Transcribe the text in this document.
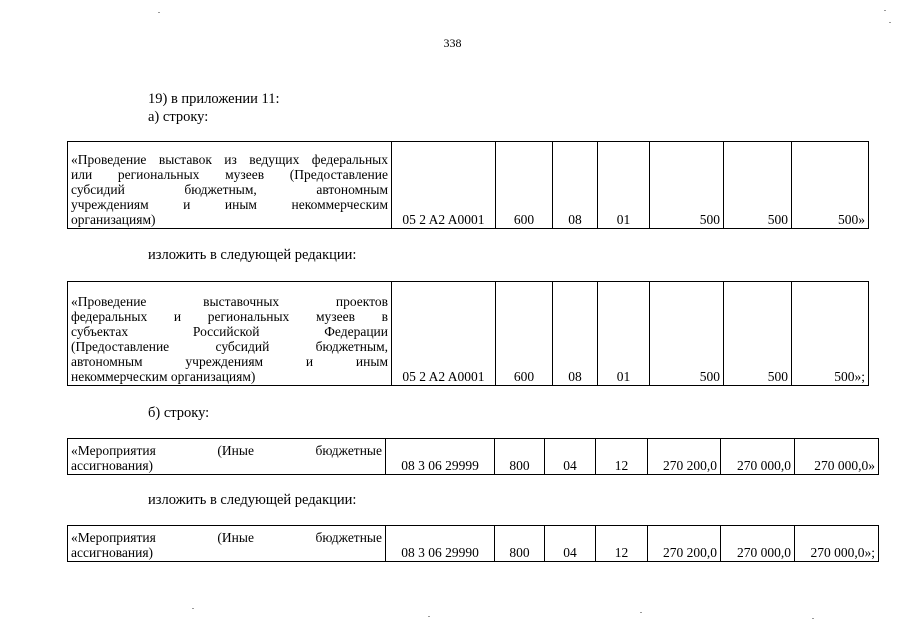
338
19) в приложении 11:
а) строку:
«Проведение выставок из ведущих федеральных
или региональных музеев (Предоставление
субсидий бюджетным, автономным
учреждениям и иным некоммерческим
организациям)	05 2 A2 A0001	600	08	01	500	500	500»
изложить в следующей редакции:
«Проведение выставочных проектов
федеральных и региональных музеев в
субъектах Российской Федерации
(Предоставление субсидий бюджетным,
автономным учреждениям и иным
некоммерческим организациям)	05 2 A2 A0001	600	08	01	500	500	500»;
б) строку:
«Мероприятия (Иные бюджетные
ассигнования)	08 3 06 29999	800	04	12	270 200,0	270 000,0	270 000,0»
изложить в следующей редакции:
«Мероприятия (Иные бюджетные
ассигнования)	08 3 06 29990	800	04	12	270 200,0	270 000,0	270 000,0»;
